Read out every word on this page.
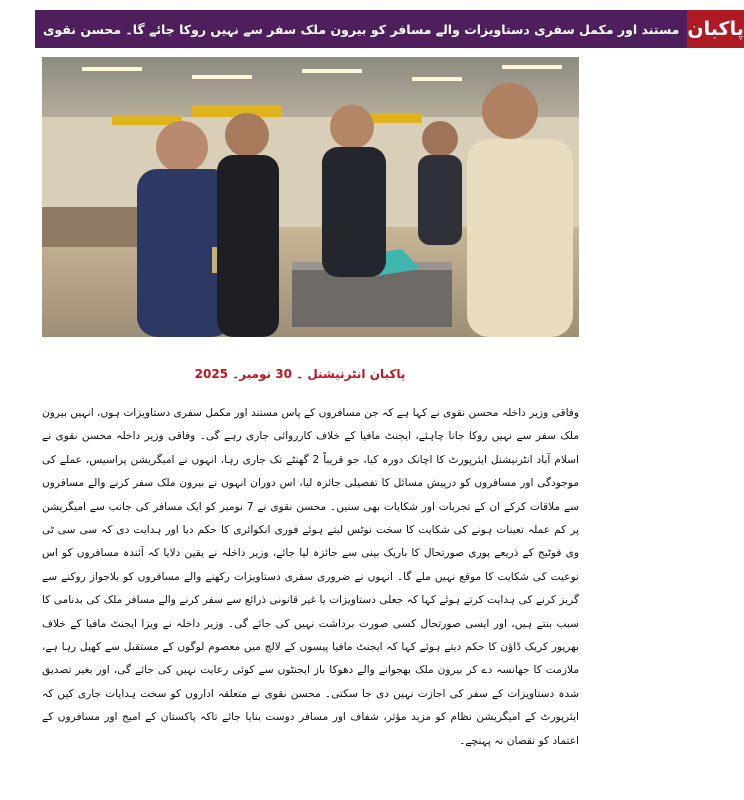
مستند اور مکمل سفری دستاویزات والے مسافر کو بیرون ملک سفر سے نہیں روکا جائے گا۔ محسن نقوی پاکبان
پاکبان انٹرنیشنل ۔ 30 نومبر۔ 2025
وفاقی وزیر داخلہ محسن نقوی نے کہا ہے کہ جن مسافروں کے پاس مستند اور مکمل سفری دستاویزات ہوں، انہیں بیرون ملک سفر سے نہیں روکا جانا چاہئے، ایجنٹ مافیا کے خلاف کارروائی جاری رہے گی۔ وفاقی وزیر داخلہ محسن نقوی نے اسلام آباد انٹرنیشنل ایئرپورٹ کا اچانک دورہ کیا، جو قریباً 2 گھنٹے تک جاری رہا، انہوں نے امیگریشن پراسیس، عملے کی موجودگی اور مسافروں کو درپیش مسائل کا تفصیلی جائزہ لیا، اس دوران انہوں نے بیرون ملک سفر کرنے والے مسافروں سے ملاقات کرکے ان کے تجربات اور شکایات بھی سنیں۔ محسن نقوی نے 7 نومبر کو ایک مسافر کی جانب سے امیگریشن پر کم عملہ تعینات ہونے کی شکایت کا سخت نوٹس لیتے ہوئے فوری انکوائری کا حکم دیا اور ہدایت دی کہ سی سی ٹی وی فوٹیج کے ذریعے پوری صورتحال کا باریک بینی سے جائزہ لیا جائے، وزیر داخلہ نے یقین دلایا کہ آئندہ مسافروں کو اس نوعیت کی شکایت کا موقع نہیں ملے گا۔ انہوں نے ضروری سفری دستاویزات رکھنے والے مسافروں کو بلاجواز روکنے سے گریز کرنے کی ہدایت کرتے ہوئے کہا کہ جعلی دستاویزات یا غیر قانونی ذرائع سے سفر کرنے والے مسافر ملک کی بدنامی کا سبب بنتے ہیں، اور ایسی صورتحال کسی صورت برداشت نہیں کی جائے گی۔ وزیر داخلہ نے ویزا ایجنٹ مافیا کے خلاف بھرپور کریک ڈاؤن کا حکم دیتے ہوئے کہا کہ ایجنٹ مافیا پیسوں کے لالچ میں معصوم لوگوں کے مستقبل سے کھیل رہا ہے، ملازمت کا جھانسہ دے کر بیرون ملک بھجوانے والے دھوکا باز ایجنٹوں سے کوئی رعایت نہیں کی جائے گی، اور بغیر تصدیق شدہ دستاویزات کے سفر کی اجازت نہیں دی جا سکتی۔ محسن نقوی نے متعلقہ اداروں کو سخت ہدایات جاری کیں کہ ایئرپورٹ کے امیگریشن نظام کو مزید مؤثر، شفاف اور مسافر دوست بنایا جائے تاکہ پاکستان کے امیج اور مسافروں کے اعتماد کو نقصان نہ پہنچے۔
